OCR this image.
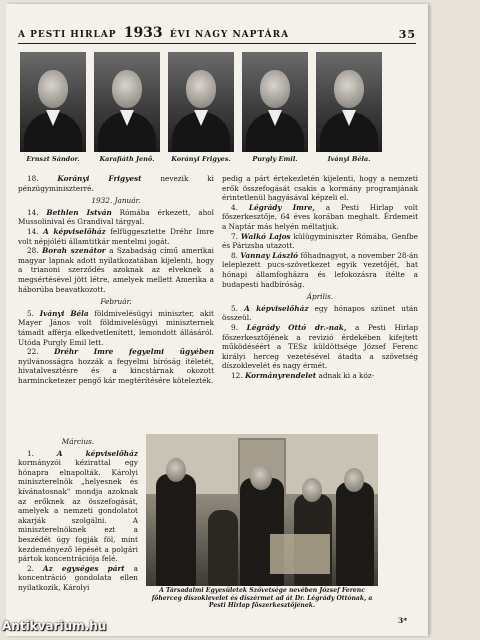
A PESTI HIRLAP 1933 ÉVI NAGY NAPTÁRA	35
Ernszt Sándor.	Karafiáth Jenő.	Korányi Frigyes.	Purgly Emil.	Iványi Béla.

18.	Korányi Frigyest	nevezik ki pénzügyminiszterré.

1932. Január.

14. Bethlen István Rómába érkezett, ahol Mussolinival és Grandival tárgyal.

14. A képviselőház felfüggesztette Dréhr Imre volt népjóléti államtitkár mentelmi jogát.

28. Borah szenátor a Szabadság című amerikai magyar lapnak adott nyilatkozatában kijelenti, hogy a trianoni szerződés azoknak az elveknek a megsértésével jött létre, amelyek mellett Amerika a háborúba beavatkozott.

Február.

5. Iványi Béla földmivelésügyi miniszter, akit Mayer János volt földmivelésügyi miniszternek támadt afférja elkedvetlenített, lemondott állásáról. Utóda Purgly Emil lett.

22. Dréhr Imre fegyelmi ügyében nyilvánosságra hozzák a fegyelmi bíróság ítéletét, hivatalvesztésre és a kincstárnak okozott harmincketezer pengő kár megtérítésére kötelezték.

Március.

1.	A képviselőház kormányzói kézirattal egy hónapra elnapolták. Károlyi miniszterelnök „helyesnek és kívánatosnak" mondja azoknak az erőknek az összefogását, amelyek a nemzeti gondolatot akarják szolgálni. A miniszterelnöknek ezt a beszédét úgy fogják föl, mint kezdeményező lépését a polgári pártok koncentrációja felé.

2. Az egységes párt a koncentráció gondolata ellen nyilatkozik, Károlyi

pedig a párt értekezletén kijelenti, hogy a nemzeti erők összefogását csakis a kormány programjának érintetlenül hagyásával képzeli el.

4. Légrády Imre, a Pesti Hirlap volt főszerkesztője, 64 éves korában meghalt. Érdemeit a Naptár más helyén méltatjuk.

7. Walkó Lajos külügyminiszter Rómába, Genfbe és Párizsba utazott.

8. Vannay László főhadnagyot, a november 28-án leleplezett pucs-szövetkezet egyik vezetőjét, hat hónapi államfogházra és lefokozásra ítélte a budapesti hadbíróság.

Április.

5. A képviselőház egy hónapos szünet után összeül.

9. Légrády Ottó dr.-nak, a Pesti Hirlap főszerkesztőjének a revizió érdekében kifejtett működéséért a TESz küldöttsége József Ferenc királyi herceg vezetésével átadta a szövetség díszoklevelét és nagy érmét.

12. Kormányrendelet adnak ki a köz-

A Társadalmi Egyesületek Szövetsége nevében József Ferenc főherceg díszoklevelet és díszérmet ad át Dr. Légrády Ottónak, a Pesti Hirlap főszerkesztőjének.
3*
Antikvarium.hu
